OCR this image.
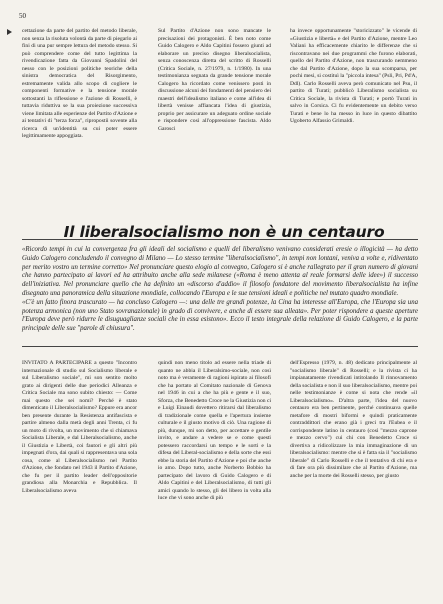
50

cettazione da parte del partito del metodo liberale, non senza la risoluta volontà da parte di piegarlo ai fini di una pur sempre lettura del metodo stesso. Si può comprendere come del tutto legittima la rivendicazione fatta da Giovanni Spadolini del nesso con le posizioni politiche teoriche della sinistra democratica del Risorgimento, estremamente valida allo scopo di cogliere le componenti formative e la tensione morale sottostanti la riflessione e l'azione di Rosselli, è tuttavia riduttiva se la sua proiezione successiva viene limitata alle esperienze del Partito d'Azione e ai tentativi di "terza forza", ripropostii sovente alla ricerca di un'identità su cui poter essere legittimamente appoggiata.

Sul Partito d'Azione non sono mancate le precisazioni dei protagonisti. È ben noto come Guido Calogero e Aldo Capitini fossero giunti ad elaborare un preciso disegno liberalsocialista, senza conoscenza diretta del scritto di Rosselli (Critica Sociale, n. 27/1979, n. 1/1980). In una testimonianza segnata da grande tensione morale Calogero ha ricordato come venissero posti in discussione alcuni dei fondamenti del pensiero dei maestri dell'idealismo italiano e come all'idea di libertà venisse affiancata l'idea di giustizia, proprio per assicurare un adeguato ordine sociale e rispondere così all'oppressione fascista. Aldo Garosci

ha invece opportunamente "storicizzato" le vicende di «Giustizia e libertà» e del Partito d'Azione, mentre Leo Valiani ha efficacemente chiarito le differenze che si riscontravano nei due programmi che furono elaborati, quello del Partito d'Azione, non trascurando nemmeno che dal Partito d'Azione, dopo la sua scomparsa, per pochi mesi, si costituì la "piccola intesa" (Psli, Pri, Pd'A, Ddl). Carlo Rosselli aveva però comunicato nel Psu, il partito di Turati; pubblicò Liberalismo socialista su Critica Sociale, la rivista di Turati; e portò Turati in salvo in Corsica. Ci fu evidentemente un debito verso Turati e bene lo ha messo in luce in questo dibattito Ugoberto Alfassio Grimaldi.

Il liberalsocialismo non è un centauro

«Ricordo tempi in cui la convergenza fra gli ideali del socialismo e quelli del liberalismo venivano considerati eresie o illogicità — ha detto Guido Calogero concludendo il convegno di Milano — Lo stesso termine "liberalsocialismo", in tempi non lontani, veniva a volte e, ridiventato per merito vostro un termine corretto» Nel pronunciare questo elogio al convegno, Calogero si è anche rallegrato per il gran numero di giovani che hanno partecipato ai lavori ed ha attribuito anche alla sede milanese («Roma è meno attenta al reale formarsi delle idee») il successo dell'iniziativa. Nel pronunciare quello che ha definito un «discorso d'addio» il filosofo fondatore del movimento liberalsocialista ha infine disegnato una panoramica della situazione mondiale, collocando l'Europa e le sue tensioni ideali e politiche nel mutato quadro mondiale.

«C'è un fatto finora trascurato — ha concluso Calogero —: una delle tre grandi potenze, la Cina ha interesse all'Europa, che l'Europa sia una potenza armonica (non uno Stato sovranazionale) in grado di convivere, e anche di essere sua alleata». Per poter rispondere a queste aperture l'Europa deve però ridurre le disuguaglianze sociali che in essa esistono». Ecco il testo integrale della relazione di Guido Calogero, e la parte principale delle sue "parole di chiusura".

INVITATO A PARTECIPARE a questo "Incontro internazionale di studio sul Socialismo liberale e sul Liberalismo sociale", mi son sentito molto grato ai dirigenti delle due periodici Alleanza e Critica Sociale ma sono subito chiesto: — Come mai questo che sei nomi? Perché è stato dimenticato il Liberalsocialismo? Eppure era ancor ben presente durante la Resistenza antifascista e partire almeno dalla metà degli anni Trenta, ci fu un moto di rivolta, un movimento che si chiamava Socialista Liberale, e dal Liberalsocialismo, anche il Giustizia e Libertà, coi fautori e gli altri più impegnati d'ora, dai quali si rappresentava una sola cosa, come al Liberalsocialismo nel Partito d'Azione, che fondato nel 1943 il Partito d'Azione, che fu per il partito leader dell'oppositorie grandiosa alla Monarchia e Repubblica. Il Liberalsocialismo aveva

quindi non meno titolo ad essere nella triade di quanto ne abbia il Liberalsimo-sociale, non così noto ma è veramente di ragioni ispirato ai filosofi che ha portato al Comitato nazionale di Genova nel 1946 in cui a che ha più e gente e il suo, Sforza, che Benedetto Croce ne la Giustizia non ci e Luigi Einaudi dovettero ritirarsi dal liberalismo di tradizionale come quella e l'apertura insieme culturale e il giusto motivo di ciò. Una ragione di più, dunque, mi son detto, per accettare e gentile invito, e andare a vedere se e come questi potessero raccordarsi un tempo e le sorti e la difesa del Liberal-socialismo e della sorte che essi ebbe la storia del Partito d'Azione e poi che anche io amo. Dopo tutto, anche Norberto Bobbio ha partecipato del lavoro di Guido Calogero e di Aldo Capitini e del Liberalsocialismo, di tutti gli amici quando lo stesso, gli dei libero in volta alla luce che vi sono anche di più

dell'Espresso (1979, n. 48) dedicato principalmente al "socialismo liberale" di Rosselli; e la rivista ci ha impianatamente rivendicati intitolando Il rinnovamento della socialista e non il suo liberalsocialismo, mentre poi nelle testimonianze è come si nota che rende «il Liberalsocialismo». D'altra parte, l'idea del nuovo centauro era ben pertinente, perché continuava quelle metafore di mostri biformi e quindi praticamente contraddittori che erano già i greci tra l'Eubea e il corrispondente latino in centauro (così "mezzo caprone e mezzo cervo") cui chi con Benedetto Croce si divertiva a ridicolizzare la mia immaginazione di un liberalsocialismo: mentre che sì è fatta sia il "socialismo liberale" di Carlo Rosselli e che il tentativo di chi era e di fare ora più dissimilare che al Partito d'Azione, ma anche per la morte dei Rosselli stesso, per giusto
